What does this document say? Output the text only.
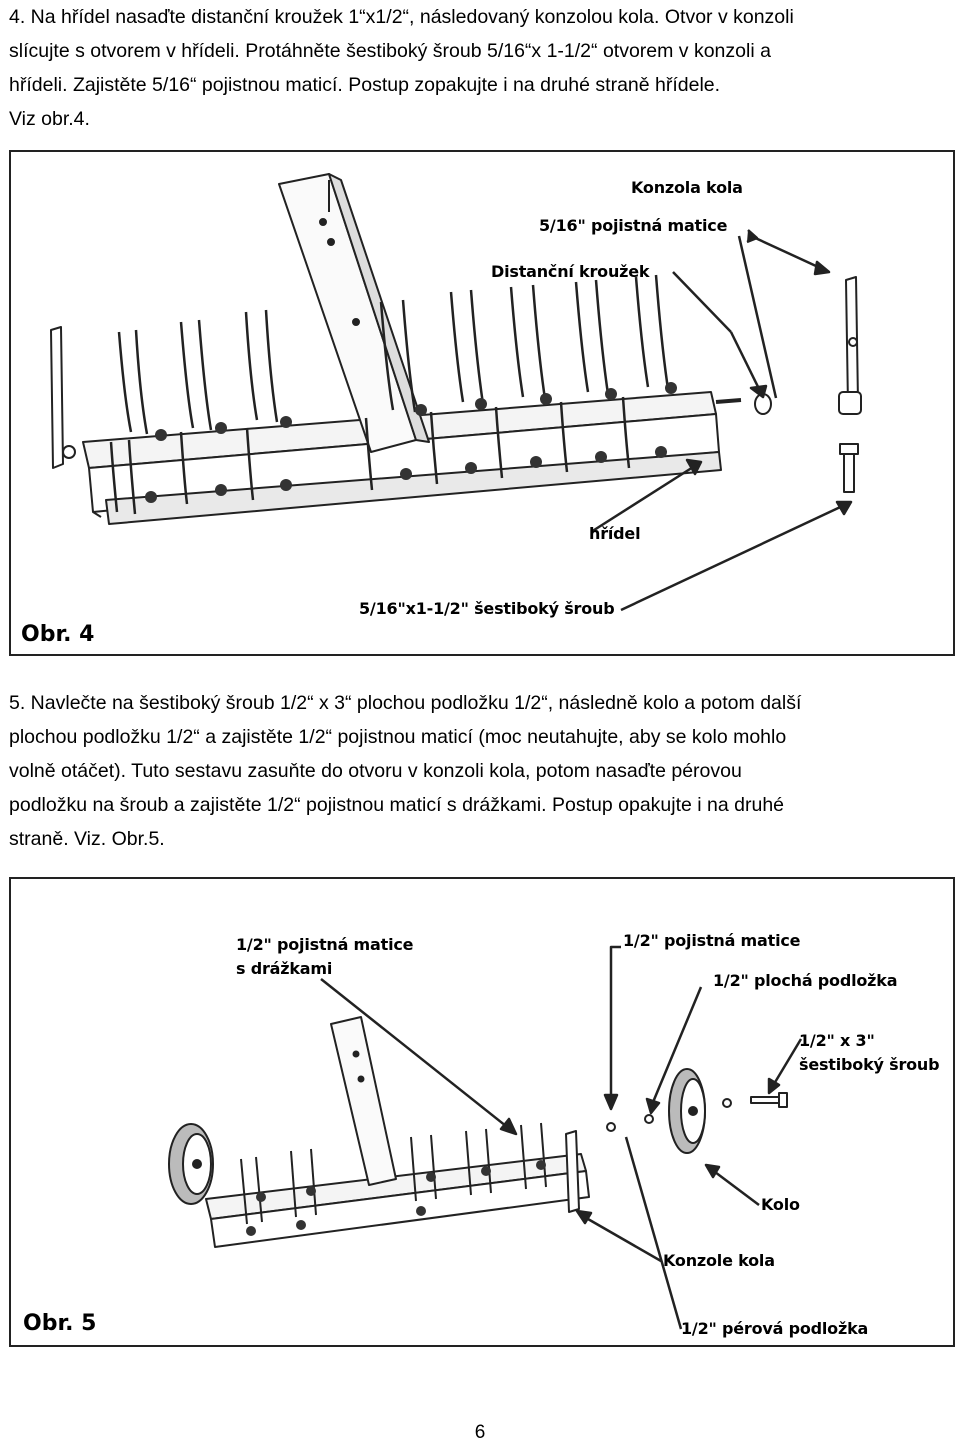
4. Na hřídel nasaďte distanční kroužek 1“x1/2“, následovaný konzolou kola. Otvor v konzoli
slícujte s otvorem v hřídeli. Protáhněte šestiboký šroub 5/16“x 1-1/2“ otvorem v konzoli a
hřídeli. Zajistěte 5/16“ pojistnou maticí. Postup zopakujte i na druhé straně hřídele.
Viz obr.4.
Konzola kola
5/16" pojistná matice
Distanční kroužek
hřídel
5/16"x1-1/2" šestiboký šroub
Obr. 4
5. Navlečte na šestiboký šroub 1/2“ x 3“ plochou podložku 1/2“, následně kolo a potom další
plochou podložku 1/2“ a zajistěte 1/2“ pojistnou maticí (moc neutahujte, aby se kolo mohlo
volně otáčet). Tuto sestavu zasuňte do otvoru v konzoli kola, potom nasaďte pérovou
podložku na šroub a zajistěte 1/2“ pojistnou maticí s drážkami. Postup opakujte i na druhé
straně. Viz. Obr.5.
1/2" pojistná matice
s drážkami
1/2" pojistná matice
1/2" plochá podložka
1/2" x 3"
šestiboký šroub
Kolo
Konzole kola
1/2" pérová podložka
Obr. 5
6
